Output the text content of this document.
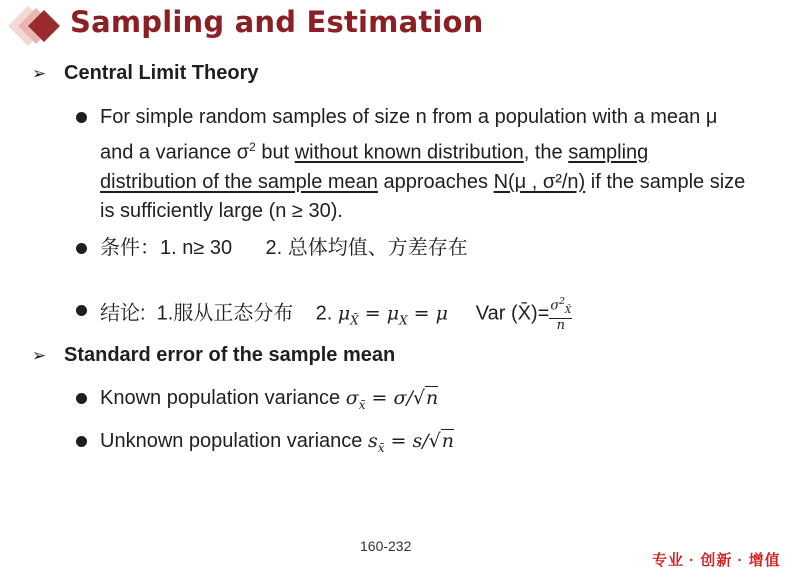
Sampling and Estimation
➢ Central Limit Theory
For simple random samples of size n from a population with a mean μ and a variance $\sigma^2$ but without known distribution, the sampling distribution of the sample mean approaches N(μ , σ²/n) if the sample size is sufficiently large (n ≥ 30).
条件：1. n≥ 30      2. 总体均值、方差存在
结论:  1.服从正态分布    2. $\mu_{X̄} = \mu_X = \mu$     Var (X̄)= $\frac{\sigma^2_{X̄}}{n}$
➢ Standard error of the sample mean
Known population variance $\sigma_{x̄} = \sigma/√n$
Unknown population variance $s_{x̄} = s/√n$
160-232
专业 · 创新 · 增值
